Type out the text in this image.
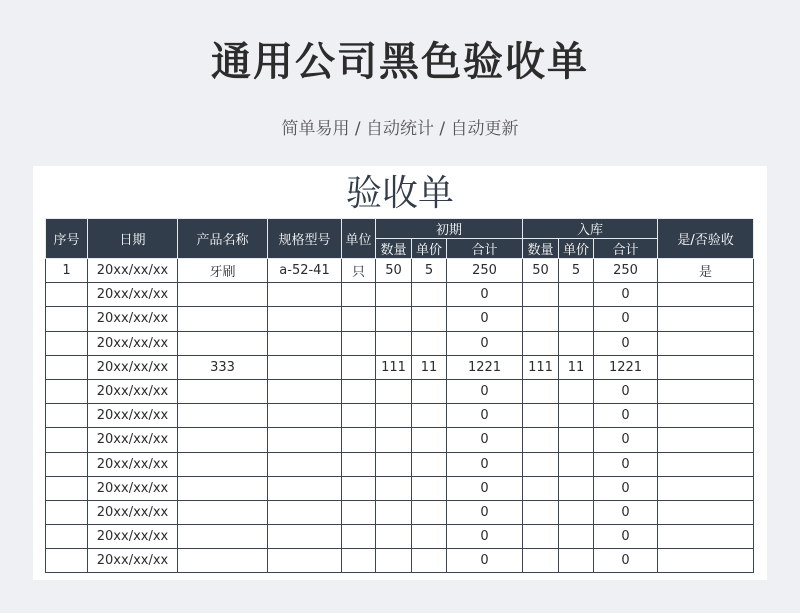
通用公司黑色验收单
简单易用 / 自动统计 / 自动更新
验收单
序号	日期	产品名称	规格型号	单位	初期			入库			是/否验收
					数量	单价	合计	数量	单价	合计	
1	20xx/xx/xx	牙刷	a-52-41	只	50	5	250	50	5	250	是
	20xx/xx/xx						0			0	
	20xx/xx/xx						0			0	
	20xx/xx/xx						0			0	
	20xx/xx/xx	333			111	11	1221	111	11	1221	
	20xx/xx/xx						0			0	
	20xx/xx/xx						0			0	
	20xx/xx/xx						0			0	
	20xx/xx/xx						0			0	
	20xx/xx/xx						0			0	
	20xx/xx/xx						0			0	
	20xx/xx/xx						0			0	
	20xx/xx/xx						0			0	
